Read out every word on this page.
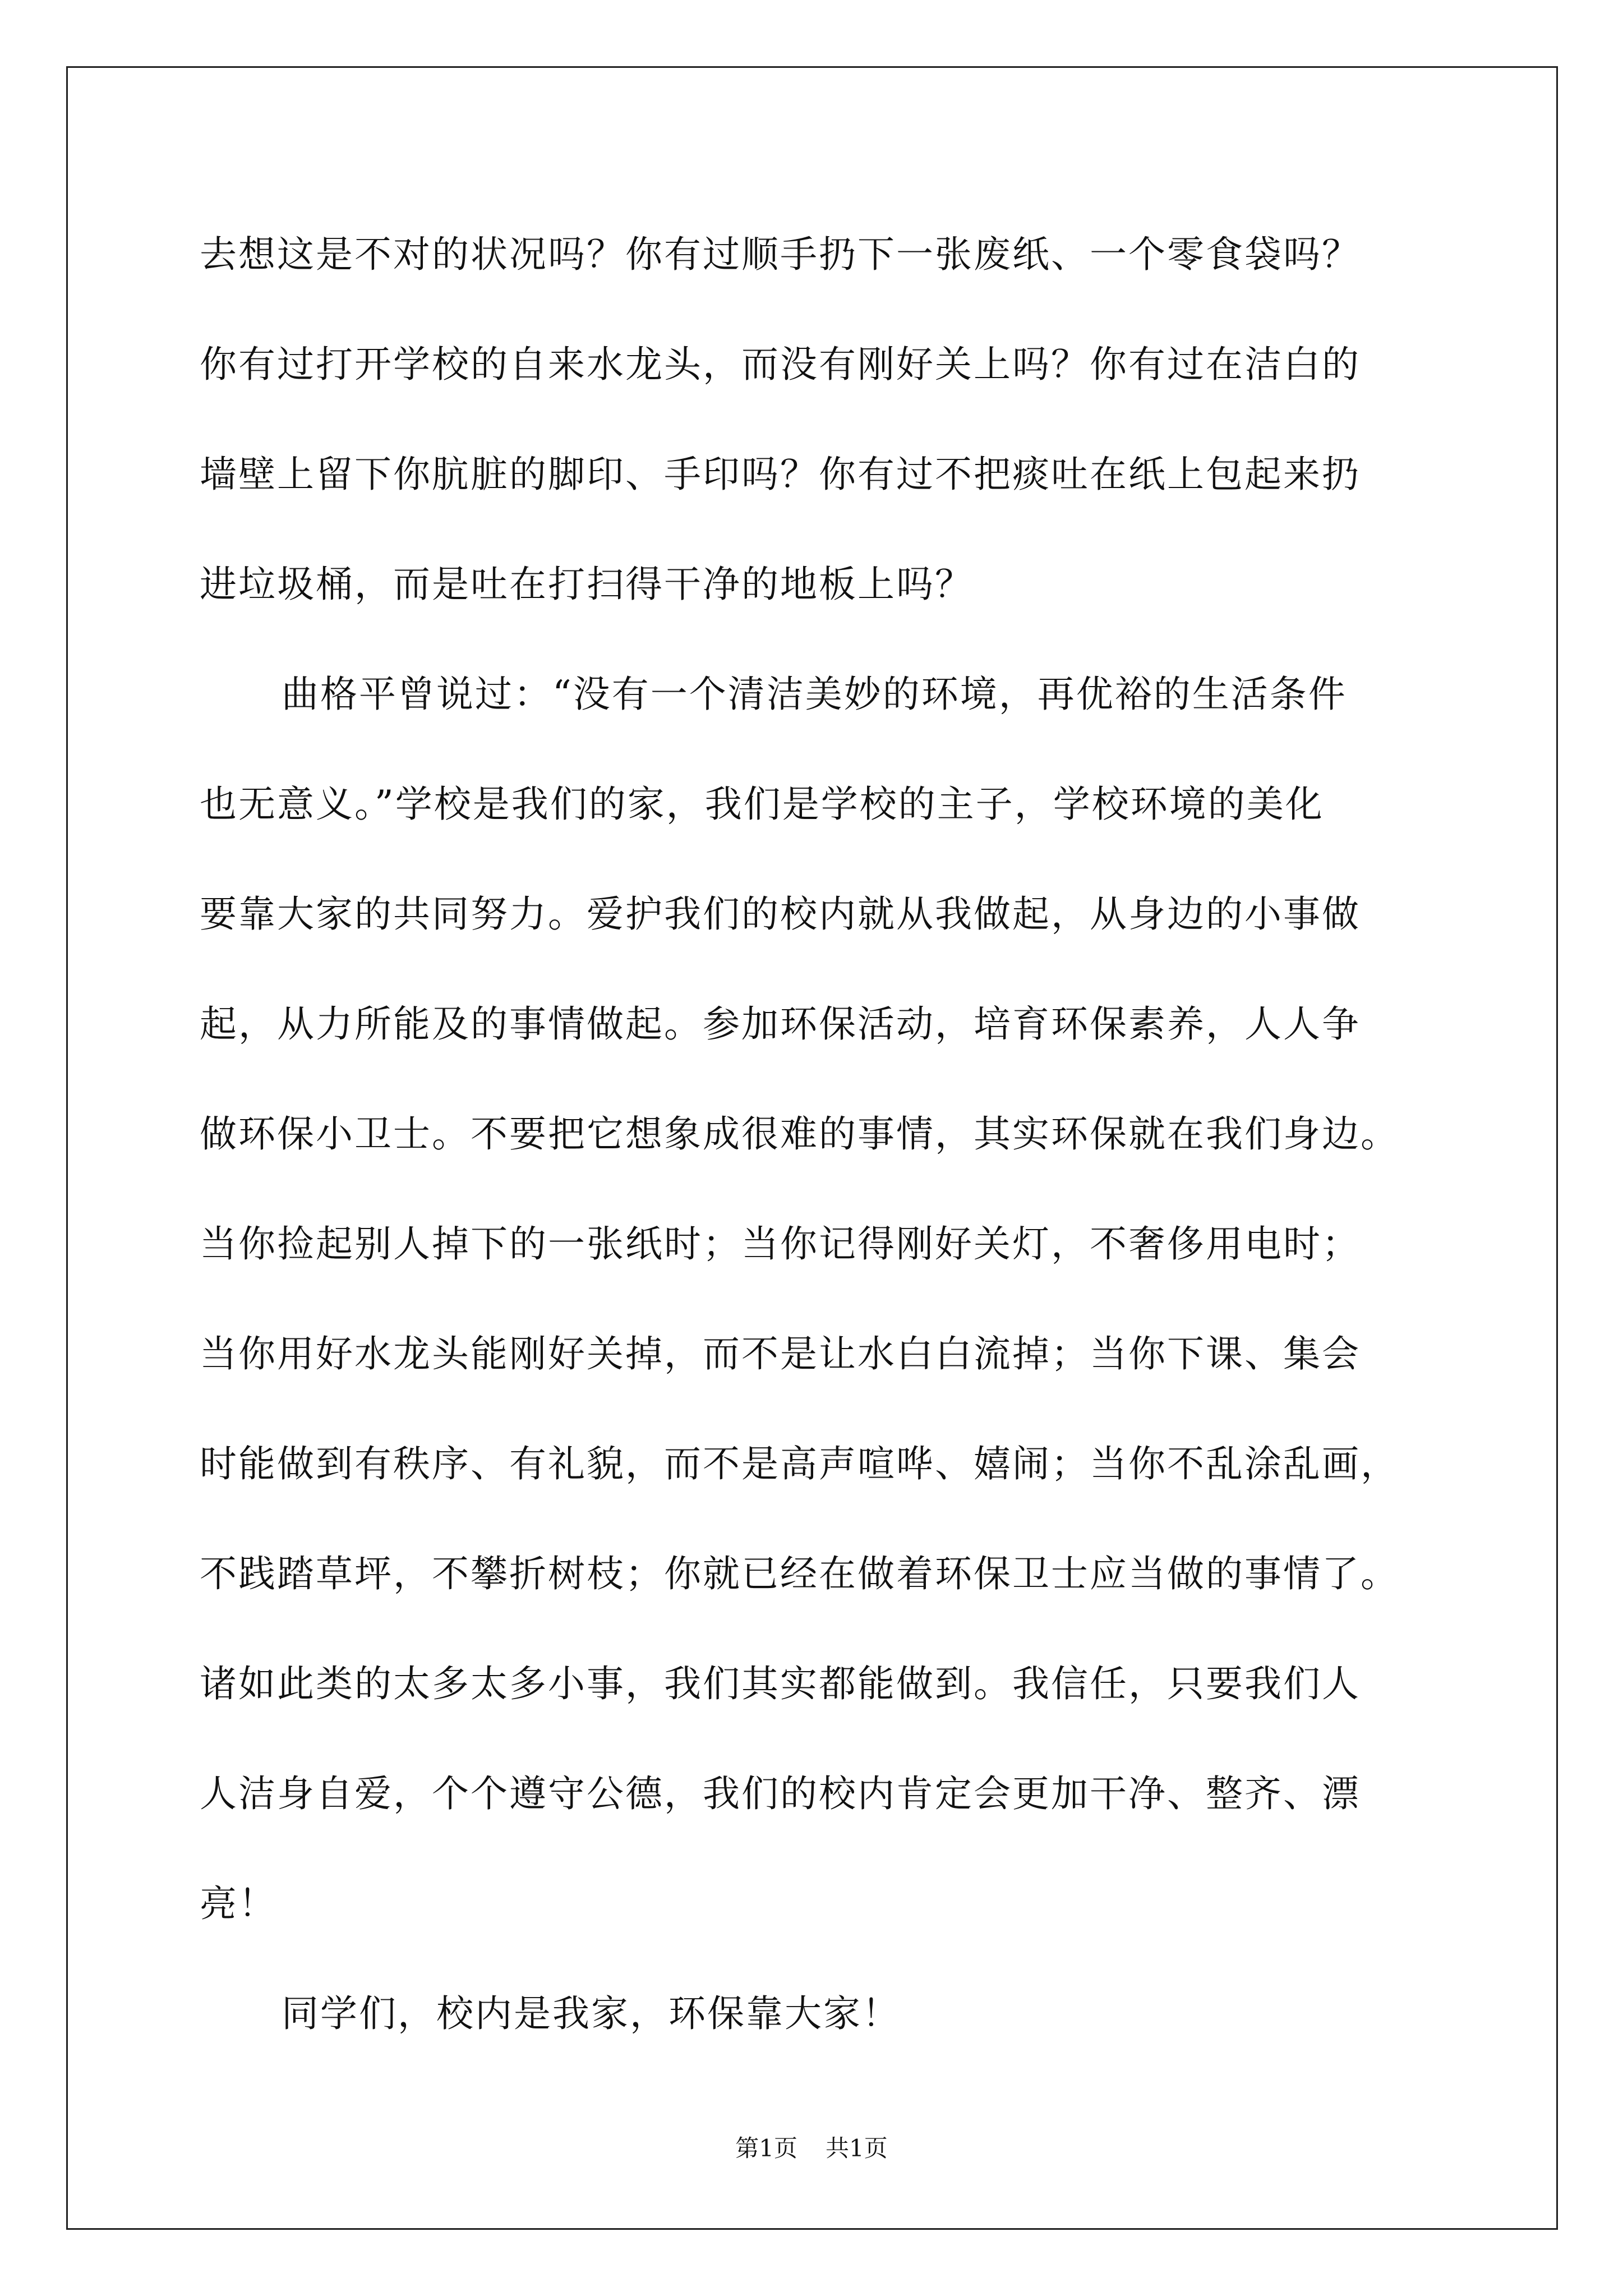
去想这是不对的状况吗？你有过顺手扔下一张废纸、一个零食袋吗？
你有过打开学校的自来水龙头，而没有刚好关上吗？你有过在洁白的
墙壁上留下你肮脏的脚印、手印吗？你有过不把痰吐在纸上包起来扔
进垃圾桶，而是吐在打扫得干净的地板上吗？
曲格平曾说过：“没有一个清洁美妙的环境，再优裕的生活条件
也无意义。”学校是我们的家，我们是学校的主子，学校环境的美化
要靠大家的共同努力。爱护我们的校内就从我做起，从身边的小事做
起，从力所能及的事情做起。参加环保活动，培育环保素养，人人争
做环保小卫士。不要把它想象成很难的事情，其实环保就在我们身边。
当你捡起别人掉下的一张纸时；当你记得刚好关灯，不奢侈用电时；
当你用好水龙头能刚好关掉，而不是让水白白流掉；当你下课、集会
时能做到有秩序、有礼貌，而不是高声喧哗、嬉闹；当你不乱涂乱画，
不践踏草坪，不攀折树枝；你就已经在做着环保卫士应当做的事情了。
诸如此类的太多太多小事，我们其实都能做到。我信任，只要我们人
人洁身自爱，个个遵守公德，我们的校内肯定会更加干净、整齐、漂
亮！
同学们，校内是我家，环保靠大家！
第1页 共1页
